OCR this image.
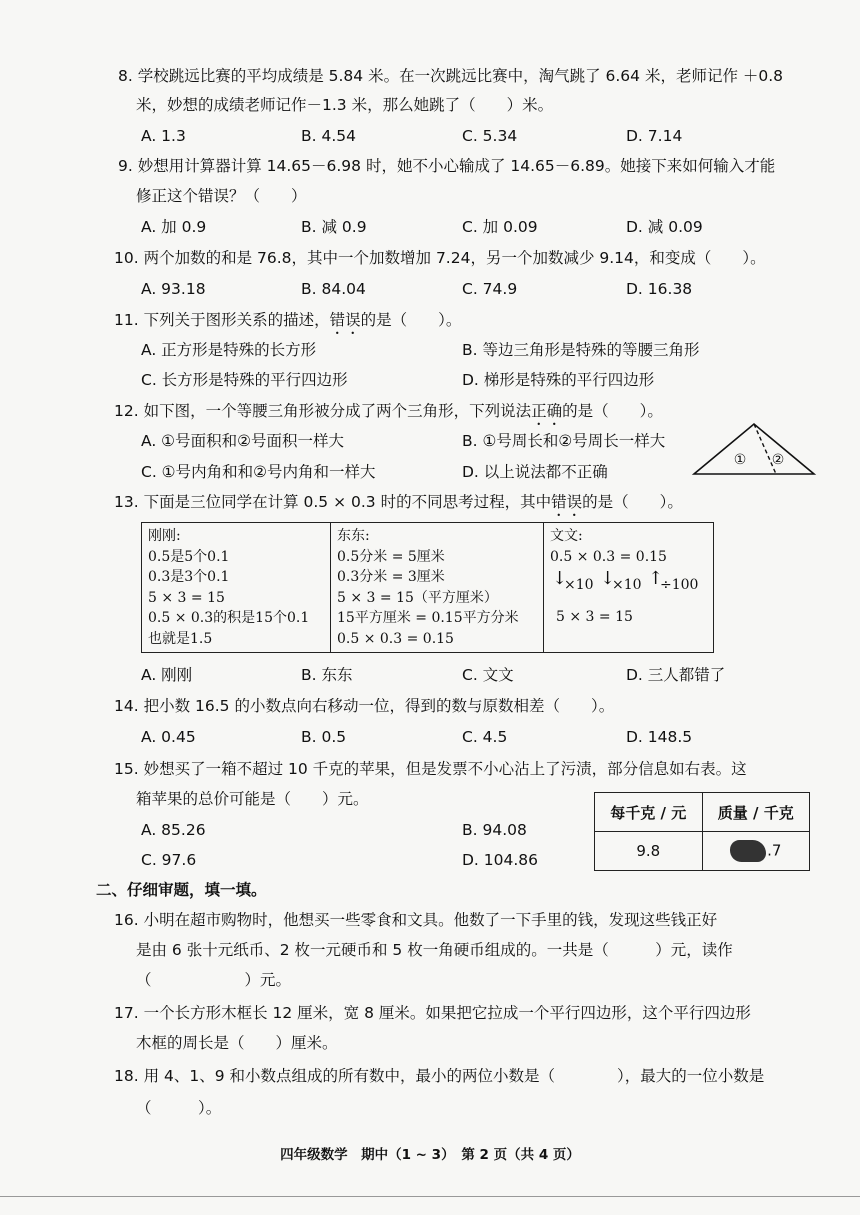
8. 学校跳远比赛的平均成绩是 5.84 米。在一次跳远比赛中，淘气跳了 6.64 米，老师记作 ＋0.8
米，妙想的成绩老师记作－1.3 米，那么她跳了（　　）米。
A. 1.3	B. 4.54	C. 5.34	D. 7.14
9. 妙想用计算器计算 14.65－6.98 时，她不小心输成了 14.65－6.89。她接下来如何输入才能
修正这个错误？（　　）
A. 加 0.9	B. 减 0.9	C. 加 0.09	D. 减 0.09
10. 两个加数的和是 76.8，其中一个加数增加 7.24，另一个加数减少 9.14，和变成（　　）。
A. 93.18	B. 84.04	C. 74.9	D. 16.38
11. 下列关于图形关系的描述，错误的是（　　）。
A. 正方形是特殊的长方形	B. 等边三角形是特殊的等腰三角形
C. 长方形是特殊的平行四边形	D. 梯形是特殊的平行四边形
12. 如下图，一个等腰三角形被分成了两个三角形，下列说法正确的是（　　）。
A. ①号面积和②号面积一样大	B. ①号周长和②号周长一样大
C. ①号内角和和②号内角和一样大	D. 以上说法都不正确
① ②
13. 下面是三位同学在计算 0.5 × 0.3 时的不同思考过程，其中错误的是（　　）。
刚刚:
0.5是5个0.1
0.3是3个0.1
5 × 3 = 15
0.5 × 0.3的积是15个0.1
也就是1.5

东东:
0.5分米 = 5厘米
0.3分米 = 3厘米
5 × 3 = 15（平方厘米）
15平方厘米 = 0.15平方分米
0.5 × 0.3 = 0.15

文文:
0.5 × 0.3 = 0.15
↓
×10 ↓
×10 ↑
÷100
5 × 3 = 15
A. 刚刚	B. 东东	C. 文文	D. 三人都错了
14. 把小数 16.5 的小数点向右移动一位，得到的数与原数相差（　　）。
A. 0.45	B. 0.5	C. 4.5	D. 148.5
15. 妙想买了一箱不超过 10 千克的苹果，但是发票不小心沾上了污渍，部分信息如右表。这
箱苹果的总价可能是（　　）元。
A. 85.26	B. 94.08
C. 97.6	D. 104.86
每千克 / 元	质量 / 千克
9.8	.7
二、仔细审题，填一填。
16. 小明在超市购物时，他想买一些零食和文具。他数了一下手里的钱，发现这些钱正好
是由 6 张十元纸币、2 枚一元硬币和 5 枚一角硬币组成的。一共是（　　　）元，读作
（　　　　　　）元。
17. 一个长方形木框长 12 厘米，宽 8 厘米。如果把它拉成一个平行四边形，这个平行四边形
木框的周长是（　　）厘米。
18. 用 4、1、9 和小数点组成的所有数中，最小的两位小数是（　　　　），最大的一位小数是
（　　　）。
四年级数学　期中（1 ~ 3）　第 2 页（共 4 页）
